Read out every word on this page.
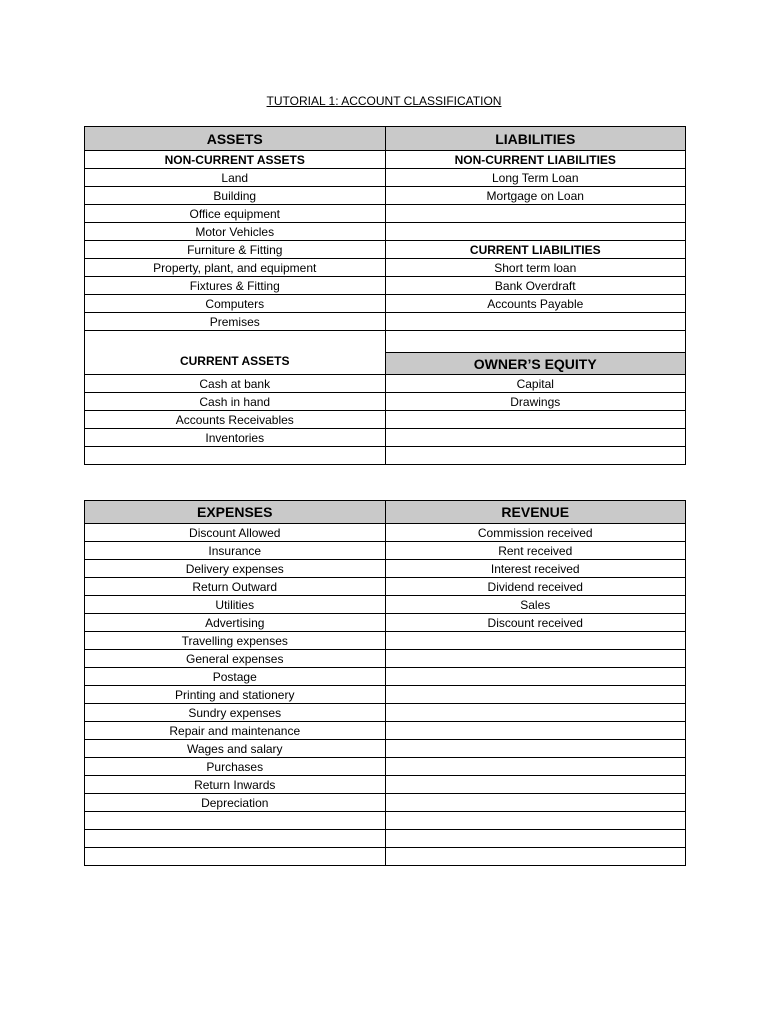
TUTORIAL 1: ACCOUNT CLASSIFICATION
ASSETS	LIABILITIES
NON-CURRENT ASSETS	NON-CURRENT LIABILITIES
Land	Long Term Loan
Building	Mortgage on Loan
Office equipment	
Motor Vehicles	
Furniture & Fitting	CURRENT LIABILITIES
Property, plant, and equipment	Short term loan
Fixtures & Fitting	Bank Overdraft
Computers	Accounts Payable
Premises	

CURRENT ASSETS	OWNER’S EQUITY
Cash at bank	Capital
Cash in hand	Drawings
Accounts Receivables	
Inventories	

EXPENSES	REVENUE
Discount Allowed	Commission received
Insurance	Rent received
Delivery expenses	Interest received
Return Outward	Dividend received
Utilities	Sales
Advertising	Discount received
Travelling expenses	
General expenses	
Postage	
Printing and stationery	
Sundry expenses	
Repair and maintenance	
Wages and salary	
Purchases	
Return Inwards	
Depreciation	
